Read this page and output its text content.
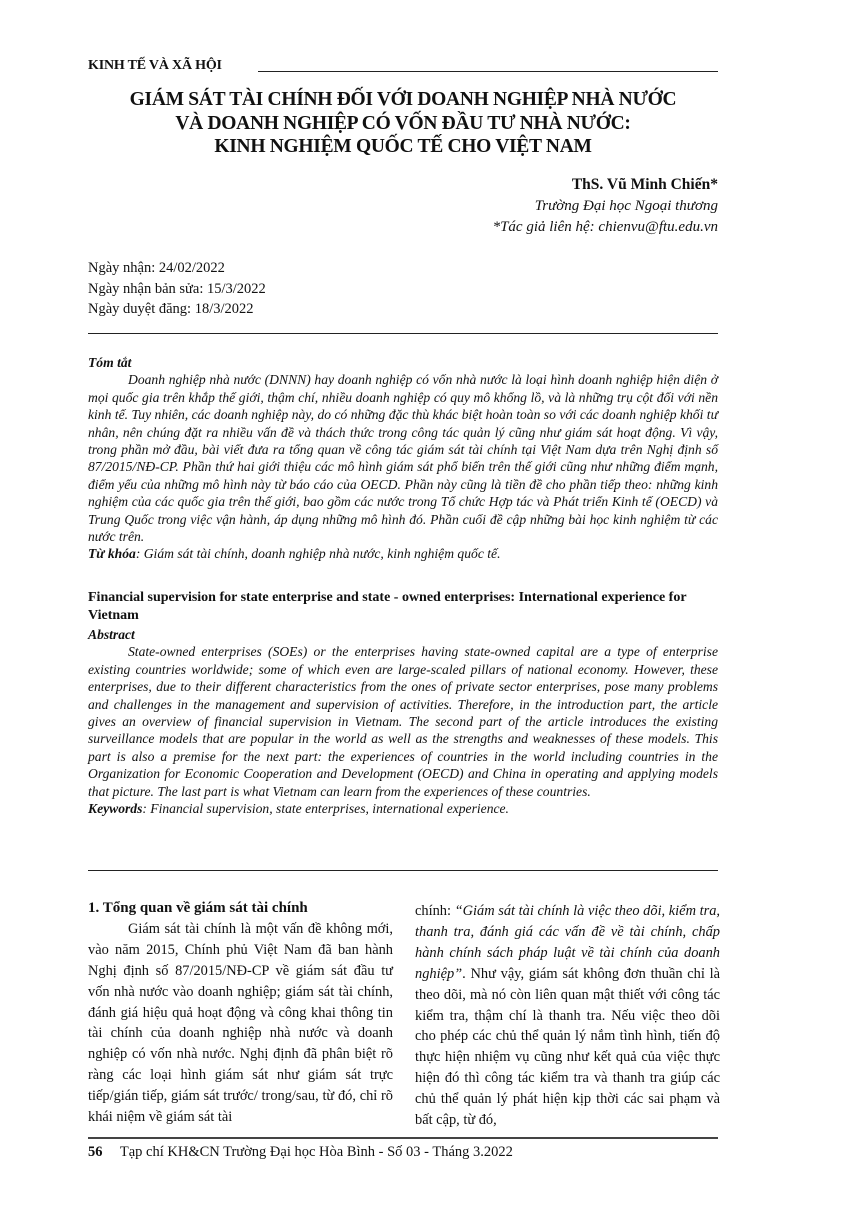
KINH TẾ VÀ XÃ HỘI
GIÁM SÁT TÀI CHÍNH ĐỐI VỚI DOANH NGHIỆP NHÀ NƯỚC
VÀ DOANH NGHIỆP CÓ VỐN ĐẦU TƯ NHÀ NƯỚC:
KINH NGHIỆM QUỐC TẾ CHO VIỆT NAM
ThS. Vũ Minh Chiến*
Trường Đại học Ngoại thương
*Tác giả liên hệ: chienvu@ftu.edu.vn
Ngày nhận: 24/02/2022
Ngày nhận bản sửa: 15/3/2022
Ngày duyệt đăng: 18/3/2022
Tóm tắt
Doanh nghiệp nhà nước (DNNN) hay doanh nghiệp có vốn nhà nước là loại hình doanh nghiệp hiện diện ở mọi quốc gia trên khắp thế giới, thậm chí, nhiều doanh nghiệp có quy mô khổng lồ, và là những trụ cột đối với nền kinh tế. Tuy nhiên, các doanh nghiệp này, do có những đặc thù khác biệt hoàn toàn so với các doanh nghiệp khối tư nhân, nên chúng đặt ra nhiều vấn đề và thách thức trong công tác quản lý cũng như giám sát hoạt động. Vì vậy, trong phần mở đầu, bài viết đưa ra tổng quan về công tác giám sát tài chính tại Việt Nam dựa trên Nghị định số 87/2015/NĐ-CP. Phần thứ hai giới thiệu các mô hình giám sát phổ biến trên thế giới cũng như những điểm mạnh, điểm yếu của những mô hình này từ báo cáo của OECD. Phần này cũng là tiền đề cho phần tiếp theo: những kinh nghiệm của các quốc gia trên thế giới, bao gồm các nước trong Tổ chức Hợp tác và Phát triển Kinh tế (OECD) và Trung Quốc trong việc vận hành, áp dụng những mô hình đó. Phần cuối đề cập những bài học kinh nghiệm từ các nước trên.
Từ khóa: Giám sát tài chính, doanh nghiệp nhà nước, kinh nghiệm quốc tế.
Financial supervision for state enterprise and state - owned enterprises: International experience for Vietnam
Abstract
State-owned enterprises (SOEs) or the enterprises having state-owned capital are a type of enterprise existing countries worldwide; some of which even are large-scaled pillars of national economy. However, these enterprises, due to their different characteristics from the ones of private sector enterprises, pose many problems and challenges in the management and supervision of activities. Therefore, in the introduction part, the article gives an overview of financial supervision in Vietnam. The second part of the article introduces the existing surveillance models that are popular in the world as well as the strengths and weaknesses of these models. This part is also a premise for the next part: the experiences of countries in the world including countries in the Organization for Economic Cooperation and Development (OECD) and China in operating and applying models that picture. The last part is what Vietnam can learn from the experiences of these countries.
Keywords: Financial supervision, state enterprises, international experience.
1. Tổng quan về giám sát tài chính
Giám sát tài chính là một vấn đề không mới, vào năm 2015, Chính phủ Việt Nam đã ban hành Nghị định số 87/2015/NĐ-CP về giám sát đầu tư vốn nhà nước vào doanh nghiệp; giám sát tài chính, đánh giá hiệu quả hoạt động và công khai thông tin tài chính của doanh nghiệp nhà nước và doanh nghiệp có vốn nhà nước. Nghị định đã phân biệt rõ ràng các loại hình giám sát như giám sát trực tiếp/gián tiếp, giám sát trước/ trong/sau, từ đó, chỉ rõ khái niệm về giám sát tài
chính: “Giám sát tài chính là việc theo dõi, kiểm tra, thanh tra, đánh giá các vấn đề về tài chính, chấp hành chính sách pháp luật về tài chính của doanh nghiệp”. Như vậy, giám sát không đơn thuần chỉ là theo dõi, mà nó còn liên quan mật thiết với công tác kiểm tra, thậm chí là thanh tra. Nếu việc theo dõi cho phép các chủ thể quản lý nắm tình hình, tiến độ thực hiện nhiệm vụ cũng như kết quả của việc thực hiện đó thì công tác kiểm tra và thanh tra giúp các chủ thể quản lý phát hiện kịp thời các sai phạm và bất cập, từ đó,
56 Tạp chí KH&CN Trường Đại học Hòa Bình - Số 03 - Tháng 3.2022
